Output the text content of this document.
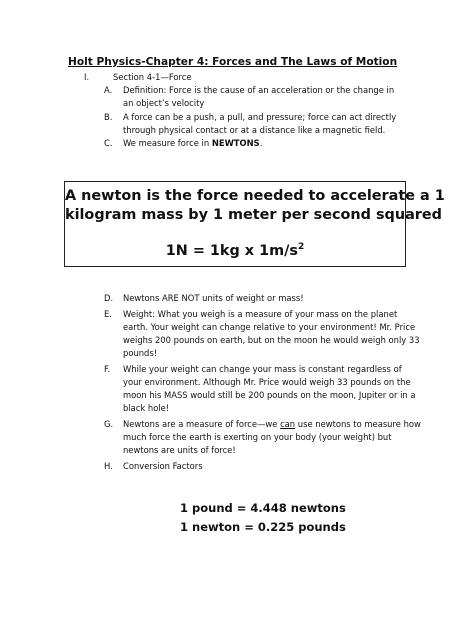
Holt Physics-Chapter 4: Forces and The Laws of Motion
I.	Section 4-1—Force
A.	Definition: Force is the cause of an acceleration or the change in an object’s velocity
B.	A force can be a push, a pull, and pressure; force can act directly through physical contact or at a distance like a magnetic field.
C.	We measure force in NEWTONS.
A newton is the force needed to accelerate a 1
kilogram mass by 1 meter per second squared
1N = 1kg x $1m/s^2$
D.	Newtons ARE NOT units of weight or mass!
E.	Weight: What you weigh is a measure of your mass on the planet earth. Your weight can change relative to your environment! Mr. Price weighs 200 pounds on earth, but on the moon he would weigh only 33 pounds!
F.	While your weight can change your mass is constant regardless of your environment. Although Mr. Price would weigh 33 pounds on the moon his MASS would still be 200 pounds on the moon, Jupiter or in a black hole!
G.	Newtons are a measure of force—we can use newtons to measure how much force the earth is exerting on your body (your weight) but newtons are units of force!
H.	Conversion Factors
1 pound = 4.448 newtons
1 newton = 0.225 pounds
